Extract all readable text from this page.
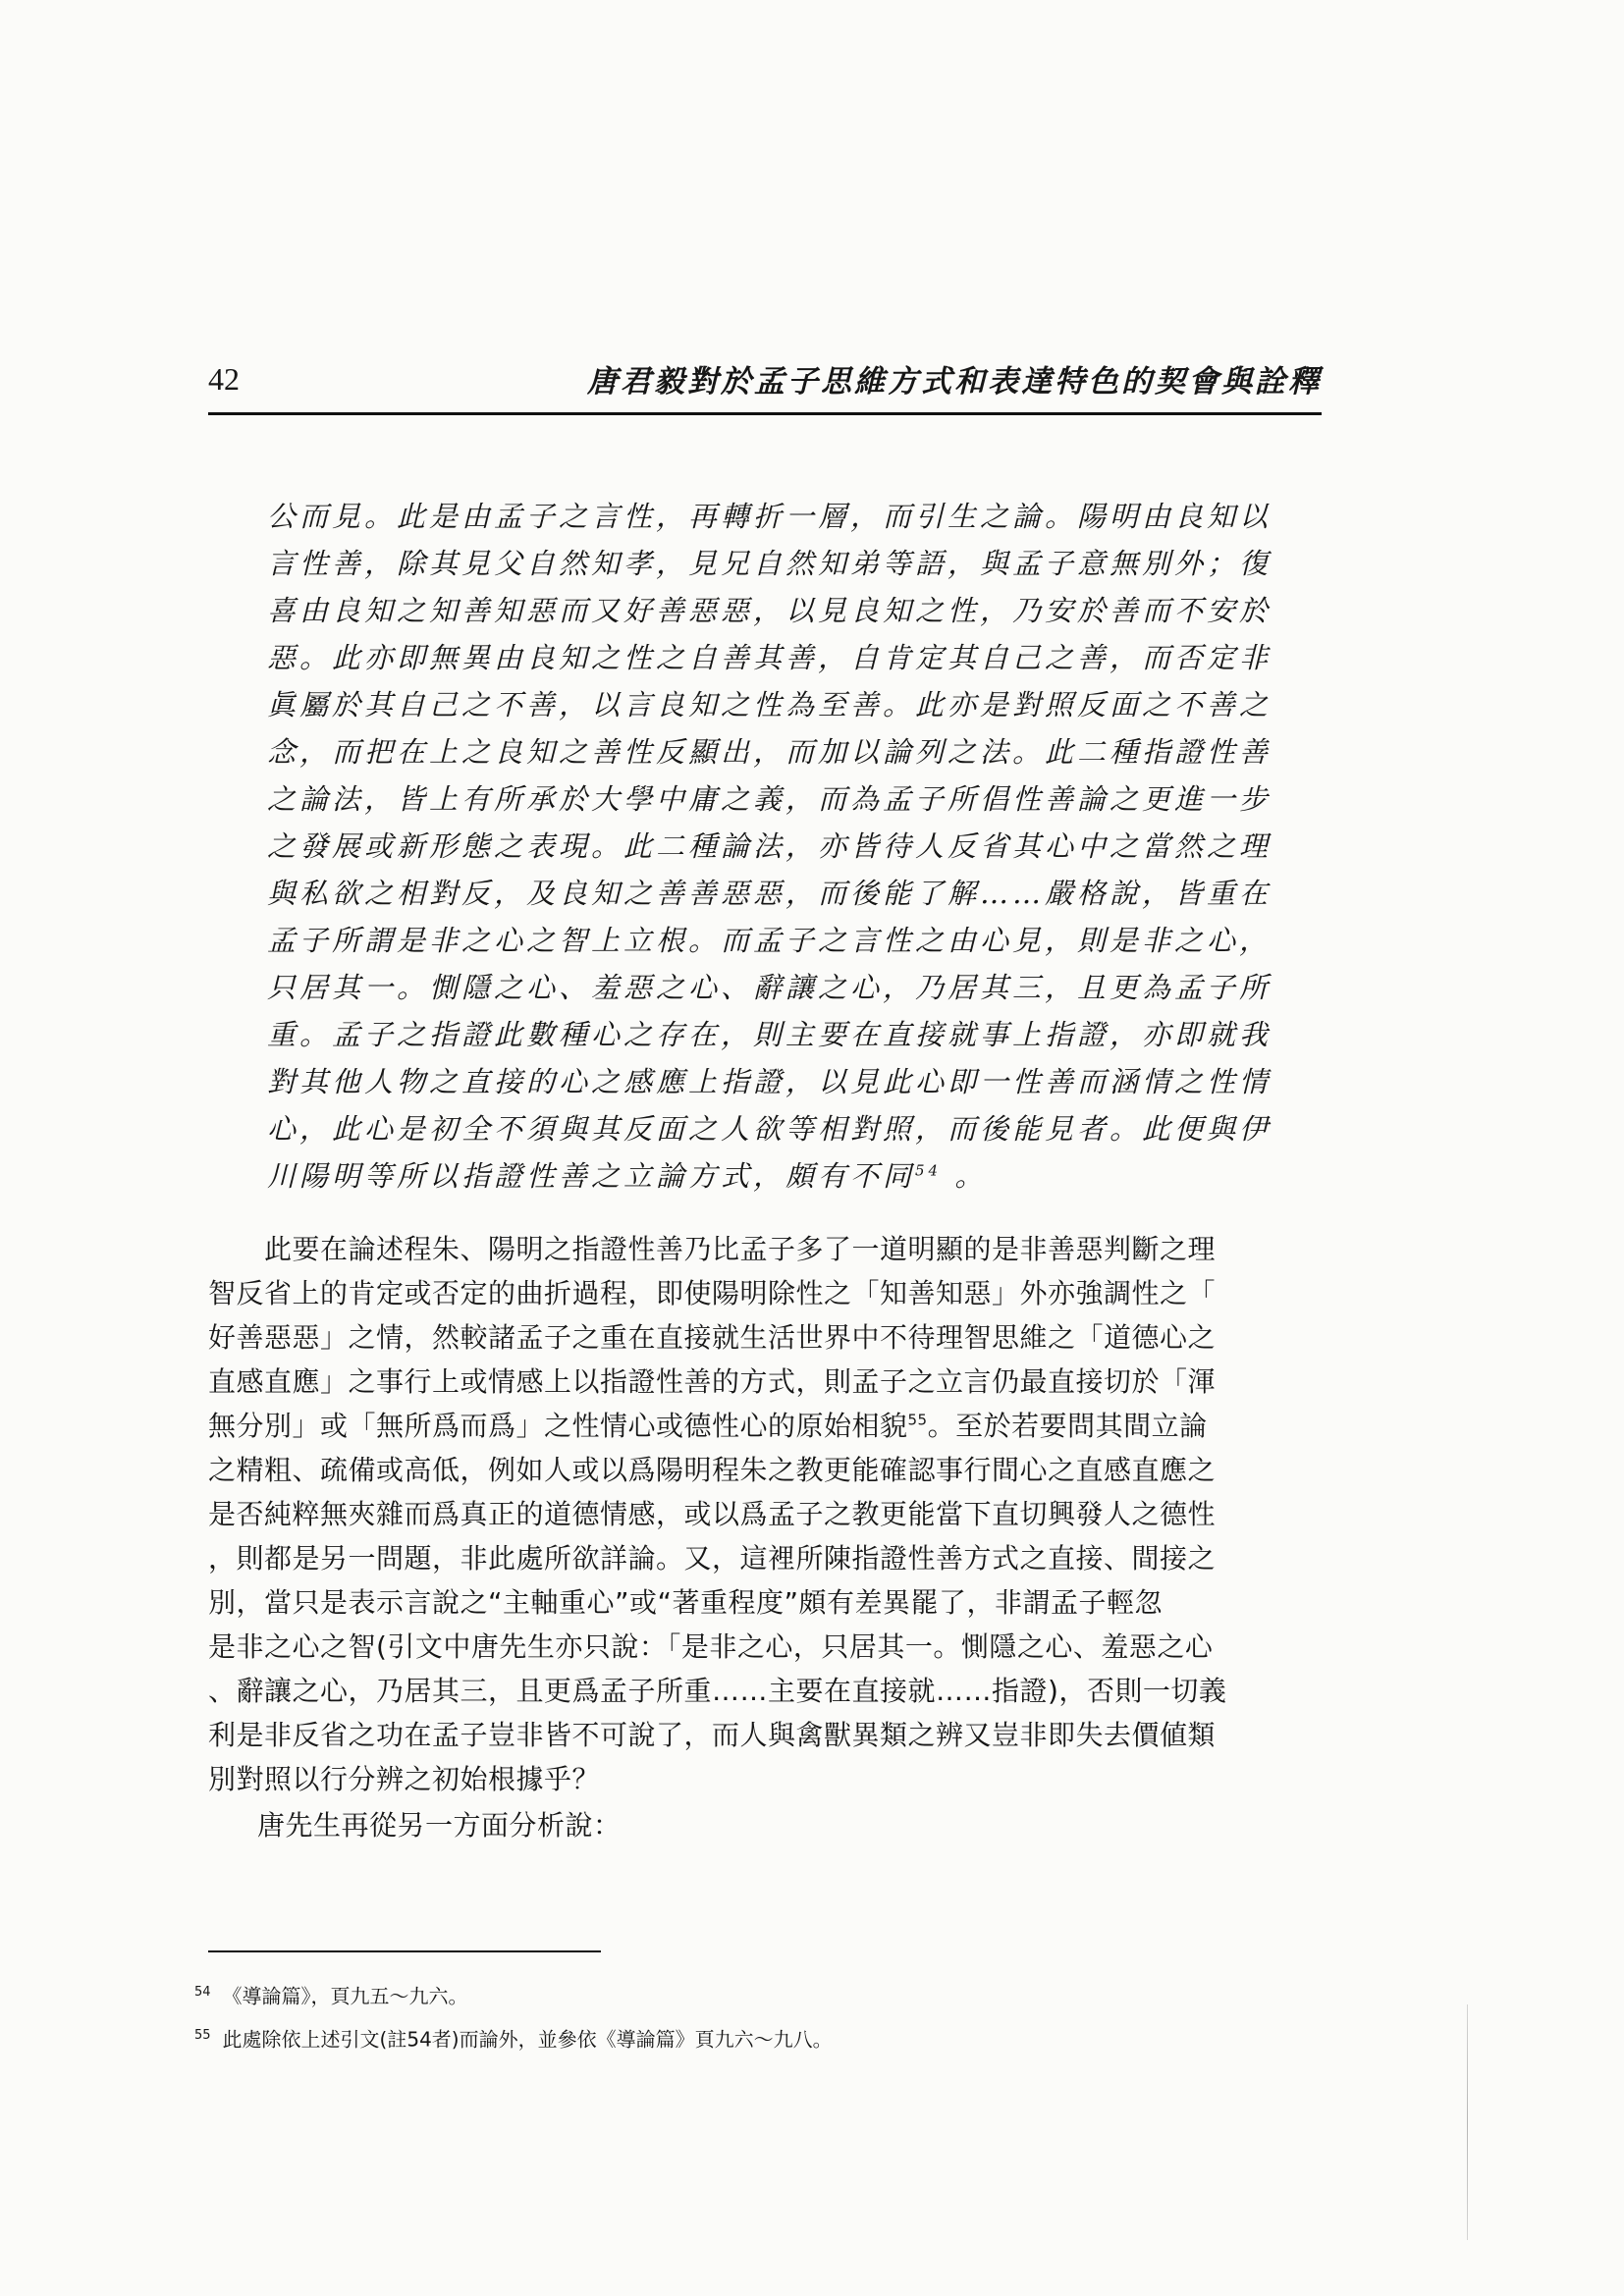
42	唐君毅對於孟子思維方式和表達特色的契會與詮釋

公而見。此是由孟子之言性，再轉折一層，而引生之論。陽明由良知以
言性善，除其見父自然知孝，見兄自然知弟等語，與孟子意無別外；復
喜由良知之知善知惡而又好善惡惡，以見良知之性，乃安於善而不安於
惡。此亦即無異由良知之性之自善其善，自肯定其自己之善，而否定非
眞屬於其自己之不善，以言良知之性為至善。此亦是對照反面之不善之
念，而把在上之良知之善性反顯出，而加以論列之法。此二種指證性善
之論法，皆上有所承於大學中庸之義，而為孟子所倡性善論之更進一步
之發展或新形態之表現。此二種論法，亦皆待人反省其心中之當然之理
與私欲之相對反，及良知之善善惡惡，而後能了解……嚴格說，皆重在
孟子所謂是非之心之智上立根。而孟子之言性之由心見，則是非之心，
只居其一。惻隱之心、羞惡之心、辭讓之心，乃居其三，且更為孟子所
重。孟子之指證此數種心之存在，則主要在直接就事上指證，亦即就我
對其他人物之直接的心之感應上指證，以見此心即一性善而涵情之性情
心，此心是初全不須與其反面之人欲等相對照，而後能見者。此便與伊
川陽明等所以指證性善之立論方式，頗有不同$^{54}$ 。

　　此要在論述程朱、陽明之指證性善乃比孟子多了一道明顯的是非善惡判斷之理
智反省上的肯定或否定的曲折過程，即使陽明除性之「知善知惡」外亦強調性之「
好善惡惡」之情，然較諸孟子之重在直接就生活世界中不待理智思維之「道德心之
直感直應」之事行上或情感上以指證性善的方式，則孟子之立言仍最直接切於「渾
無分別」或「無所爲而爲」之性情心或德性心的原始相貌$^{55}$。至於若要問其間立論
之精粗、疏備或高低，例如人或以爲陽明程朱之教更能確認事行間心之直感直應之
是否純粹無夾雜而爲真正的道德情感，或以爲孟子之教更能當下直切興發人之德性
，則都是另一問題，非此處所欲詳論。又，這裡所陳指證性善方式之直接、間接之
別，當只是表示言說之“主軸重心”或“著重程度”頗有差異罷了，非謂孟子輕忽
是非之心之智(引文中唐先生亦只說：「是非之心，只居其一。惻隱之心、羞惡之心
、辭讓之心，乃居其三，且更爲孟子所重……主要在直接就……指證)，否則一切義
利是非反省之功在孟子豈非皆不可說了，而人與禽獸異類之辨又豈非即失去價値類
別對照以行分辨之初始根據乎？

唐先生再從另一方面分析說：

$^{54}$ 《導論篇》，頁九五～九六。
$^{55}$ 此處除依上述引文(註54者)而論外，並參依《導論篇》頁九六～九八。
